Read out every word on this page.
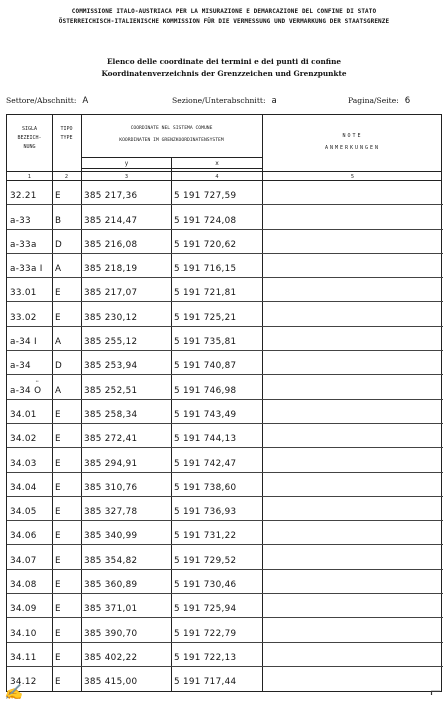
COMMISSIONE ITALO-AUSTRIACA PER LA MISURAZIONE E DEMARCAZIONE DEL CONFINE DI STATO
ÖSTERREICHISCH-ITALIENISCHE KOMMISSION FÜR DIE VERMESSUNG UND VERMARKUNG DER STAATSGRENZE
Elenco delle coordinate dei termini e dei punti di confine
Koordinatenverzeichnis der Grenzzeichen und Grenzpunkte
Settore/Abschnitt: A	Sezione/Unterabschnitt: a	Pagina/Seite: 6
SIGLA
BEZEICH-
NUNG
TIPO
TYPE
COORDINATE NEL SISTEMA COMUNE
KOORDINATEN IM GRENZKOORDINATENSYSTEM
y	x
NOTE
ANMERKUNGEN
1	2	3	4	5
32.21 E	385 217,36	5 191 727,59
a-33	B	385 214,47	5 191 724,08
a-33a D 385 216,08	5 191 720,62
a-33a I A	385 218,19	5 191 716,15
33.01 E	385 217,07	5 191 721,81
33.02 E	385 230,12	5 191 725,21
a-34 I A	385 255,12	5 191 735,81
a-34	D 385 253,94	5 191 740,87
a-34 ¨ O A	385 252,51	5 191 746,98
34.01 E	385 258,34	5 191 743,49
34.02 E	385 272,41	5 191 744,13
34.03 E	385 294,91	5 191 742,47
34.04 E	385 310,76	5 191 738,60
34.05 E	385 327,78	5 191 736,93
34.06 E	385 340,99	5 191 731,22
34.07 E	385 354,82	5 191 729,52
34.08 E	385 360,89	5 191 730,46
34.09 E	385 371,01	5 191 725,94
34.10 E	385 390,70	5 191 722,79
34.11 E	385 402,22	5 191 722,13
34.12 E	385 415,00	5 191 717,44
✍	⌐
